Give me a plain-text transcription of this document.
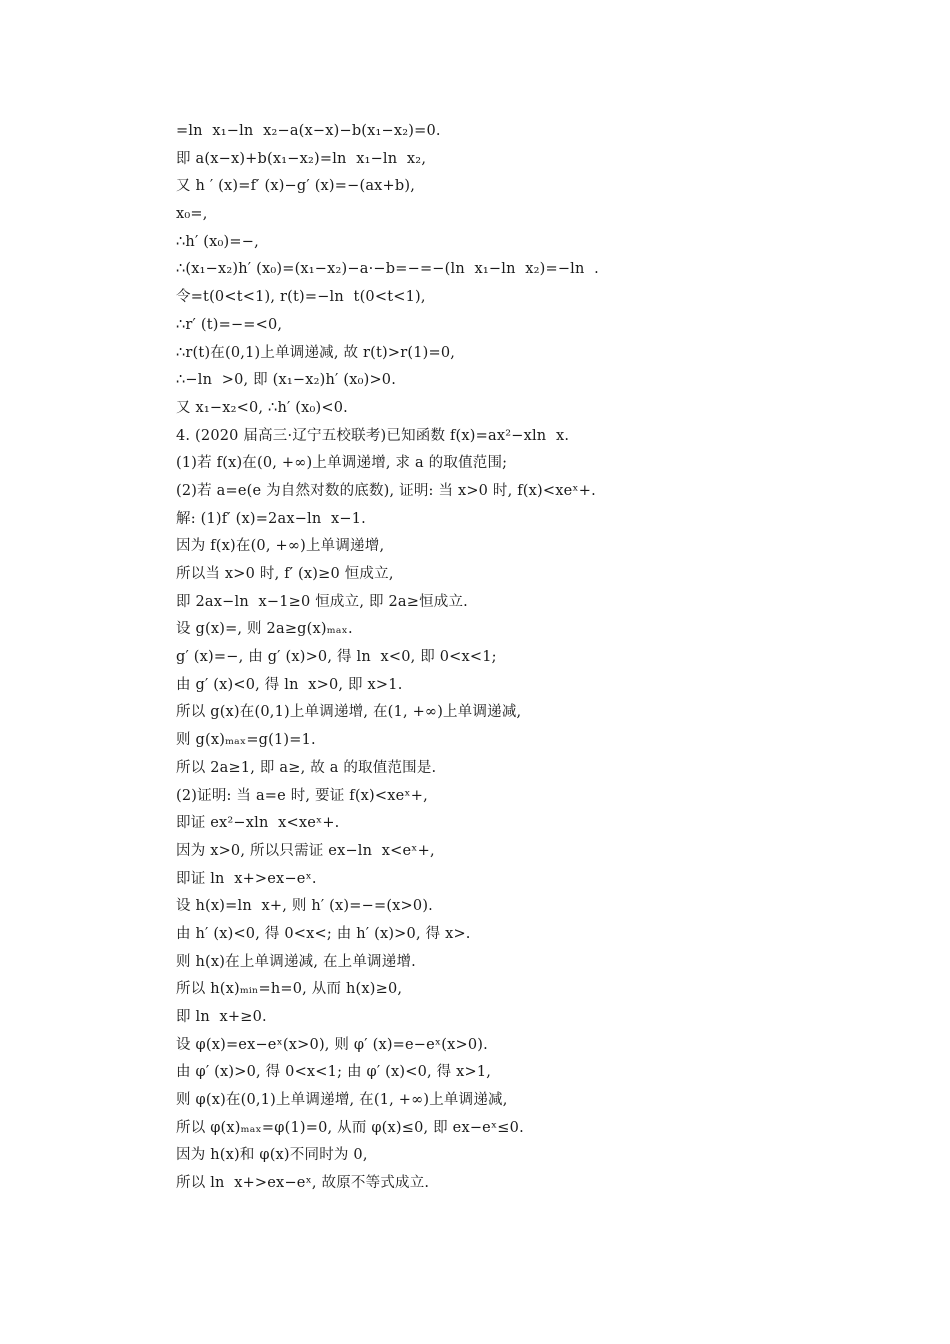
=ln  x₁−ln  x₂−a(x−x)−b(x₁−x₂)=0.
即 a(x−x)+b(x₁−x₂)=ln  x₁−ln  x₂,
又 h ′ (x)=f′ (x)−g′ (x)=−(ax+b),
x₀=,
∴h′ (x₀)=−,
∴(x₁−x₂)h′ (x₀)=(x₁−x₂)−a·−b=−=−(ln  x₁−ln  x₂)=−ln  .
令=t(0<t<1), r(t)=−ln  t(0<t<1),
∴r′ (t)=−=<0,
∴r(t)在(0,1)上单调递减, 故 r(t)>r(1)=0,
∴−ln  >0, 即 (x₁−x₂)h′ (x₀)>0.
又 x₁−x₂<0, ∴h′ (x₀)<0.
4. (2020 届高三·辽宁五校联考)已知函数 f(x)=ax²−xln  x.
(1)若 f(x)在(0, +∞)上单调递增, 求 a 的取值范围;
(2)若 a=e(e 为自然对数的底数), 证明: 当 x>0 时, f(x)<xeˣ+.
解: (1)f′ (x)=2ax−ln  x−1.
因为 f(x)在(0, +∞)上单调递增,
所以当 x>0 时, f′ (x)≥0 恒成立,
即 2ax−ln  x−1≥0 恒成立, 即 2a≥恒成立.
设 g(x)=, 则 2a≥g(x)ₘₐₓ.
g′ (x)=−, 由 g′ (x)>0, 得 ln  x<0, 即 0<x<1;
由 g′ (x)<0, 得 ln  x>0, 即 x>1.
所以 g(x)在(0,1)上单调递增, 在(1, +∞)上单调递减,
则 g(x)ₘₐₓ=g(1)=1.
所以 2a≥1, 即 a≥, 故 a 的取值范围是.
(2)证明: 当 a=e 时, 要证 f(x)<xeˣ+,
即证 ex²−xln  x<xeˣ+.
因为 x>0, 所以只需证 ex−ln  x<eˣ+,
即证 ln  x+>ex−eˣ.
设 h(x)=ln  x+, 则 h′ (x)=−=(x>0).
由 h′ (x)<0, 得 0<x<; 由 h′ (x)>0, 得 x>.
则 h(x)在上单调递减, 在上单调递增.
所以 h(x)ₘᵢₙ=h=0, 从而 h(x)≥0,
即 ln  x+≥0.
设 φ(x)=ex−eˣ(x>0), 则 φ′ (x)=e−eˣ(x>0).
由 φ′ (x)>0, 得 0<x<1; 由 φ′ (x)<0, 得 x>1,
则 φ(x)在(0,1)上单调递增, 在(1, +∞)上单调递减,
所以 φ(x)ₘₐₓ=φ(1)=0, 从而 φ(x)≤0, 即 ex−eˣ≤0.
因为 h(x)和 φ(x)不同时为 0,
所以 ln  x+>ex−eˣ, 故原不等式成立.
